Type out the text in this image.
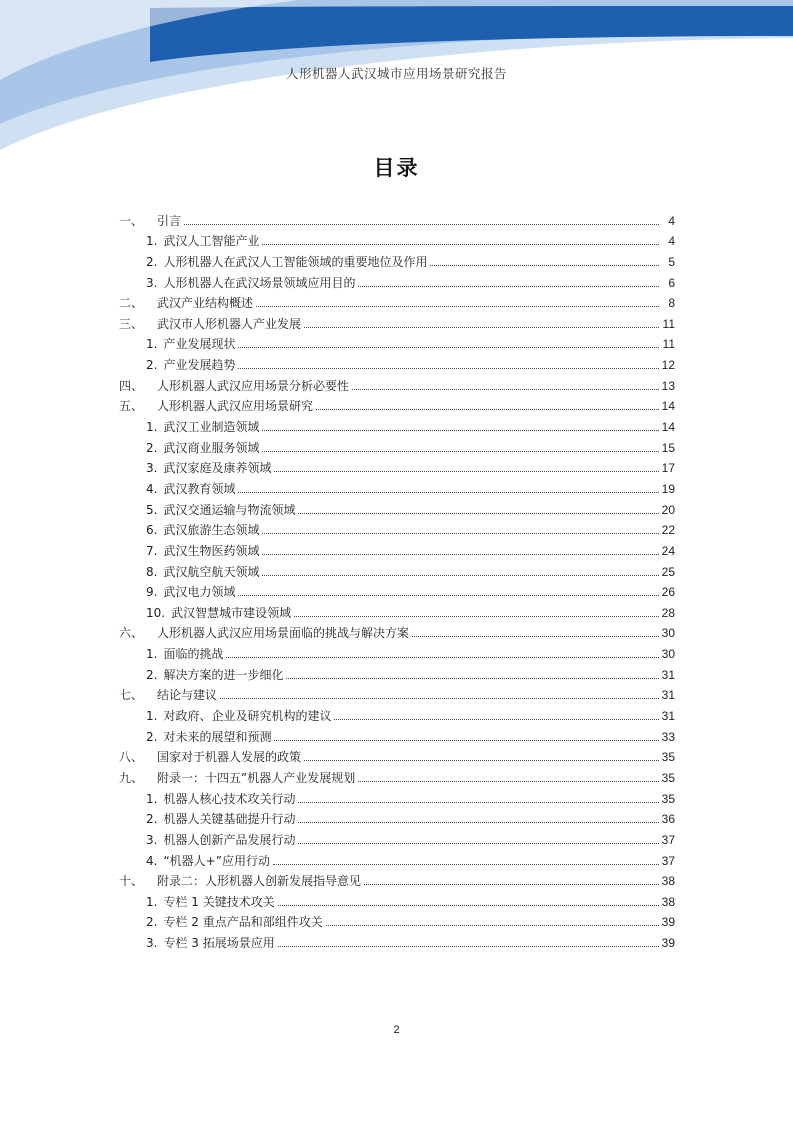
人形机器人武汉城市应用场景研究报告
目录
一、	引言	4
1. 武汉人工智能产业	4
2. 人形机器人在武汉人工智能领域的重要地位及作用	5
3. 人形机器人在武汉场景领域应用目的	6
二、	武汉产业结构概述	8
三、	武汉市人形机器人产业发展	11
1. 产业发展现状	11
2. 产业发展趋势	12
四、	人形机器人武汉应用场景分析必要性	13
五、	人形机器人武汉应用场景研究	14
1. 武汉工业制造领域	14
2. 武汉商业服务领域	15
3. 武汉家庭及康养领域	17
4. 武汉教育领域	19
5. 武汉交通运输与物流领域	20
6. 武汉旅游生态领域	22
7. 武汉生物医药领域	24
8. 武汉航空航天领域	25
9. 武汉电力领域	26
10. 武汉智慧城市建设领域	28
六、	人形机器人武汉应用场景面临的挑战与解决方案	30
1. 面临的挑战	30
2. 解决方案的进一步细化	31
七、	结论与建议	31
1. 对政府、企业及研究机构的建议	31
2. 对未来的展望和预测	33
八、	国家对于机器人发展的政策	35
九、	附录一：十四五”机器人产业发展规划	35
1. 机器人核心技术攻关行动	35
2. 机器人关键基础提升行动	36
3. 机器人创新产品发展行动	37
4. “机器人+”应用行动	37
十、	附录二：人形机器人创新发展指导意见	38
1. 专栏 1 关键技术攻关	38
2. 专栏 2 重点产品和部组件攻关	39
3. 专栏 3 拓展场景应用	39
2
